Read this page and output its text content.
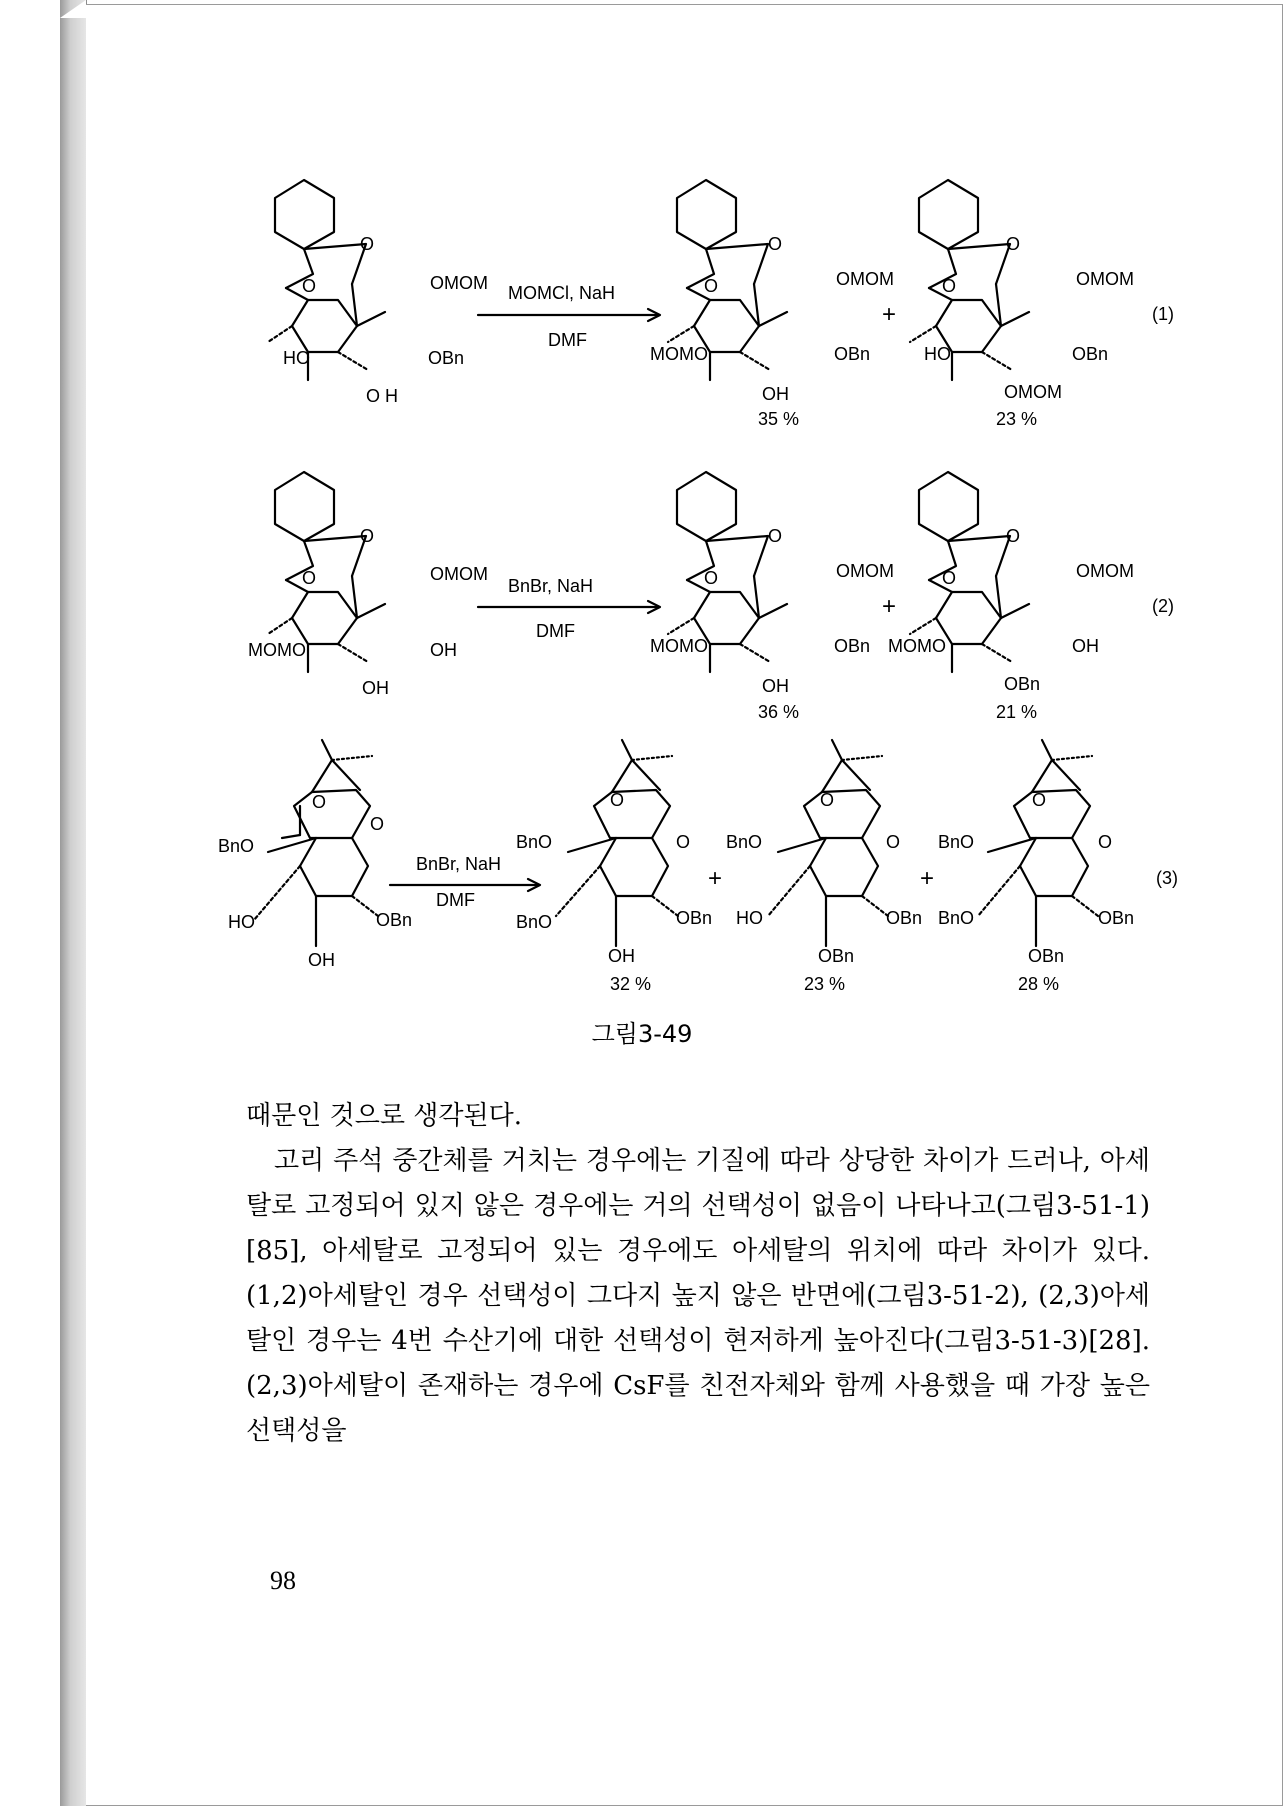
O
O
OMOM
HO	OBn
O H
MOMCl, NaH
DMF
O
O
OMOM
MOMO	OBn
OH
35 %
O
O
OMOM
HO	OBn
OMOM
23 %
+	(1)
O
O
OMOM
MOMO	OH
OH
BnBr, NaH
DMF
O
O
OMOM
MOMO	OBn
OH
36 %
O
O
OMOM
MOMO	OH
OBn
21 %
+	(2)
O
O
BnO
HO	OBn
OH
BnBr, NaH
DMF
O
O
BnO
BnO	OBn
OH
32 %
O
O
BnO
HO	OBn
OBn
23 %
O
O
BnO
BnO	OBn
OBn
28 %
+	+	(3)
그림3-49

때문인 것으로 생각된다.

고리 주석 중간체를 거치는 경우에는 기질에 따라 상당한 차이가 드러나, 아세탈로 고정되어 있지 않은 경우에는 거의 선택성이 없음이 나타나고(그림3-51-1)[85], 아세탈로 고정되어 있는 경우에도 아세탈의 위치에 따라 차이가 있다. (1,2)아세탈인 경우 선택성이 그다지 높지 않은 반면에(그림3-51-2), (2,3)아세탈인 경우는 4번 수산기에 대한 선택성이 현저하게 높아진다(그림3-51-3)[28]. (2,3)아세탈이 존재하는 경우에 CsF를 친전자체와 함께 사용했을 때 가장 높은 선택성을

98
